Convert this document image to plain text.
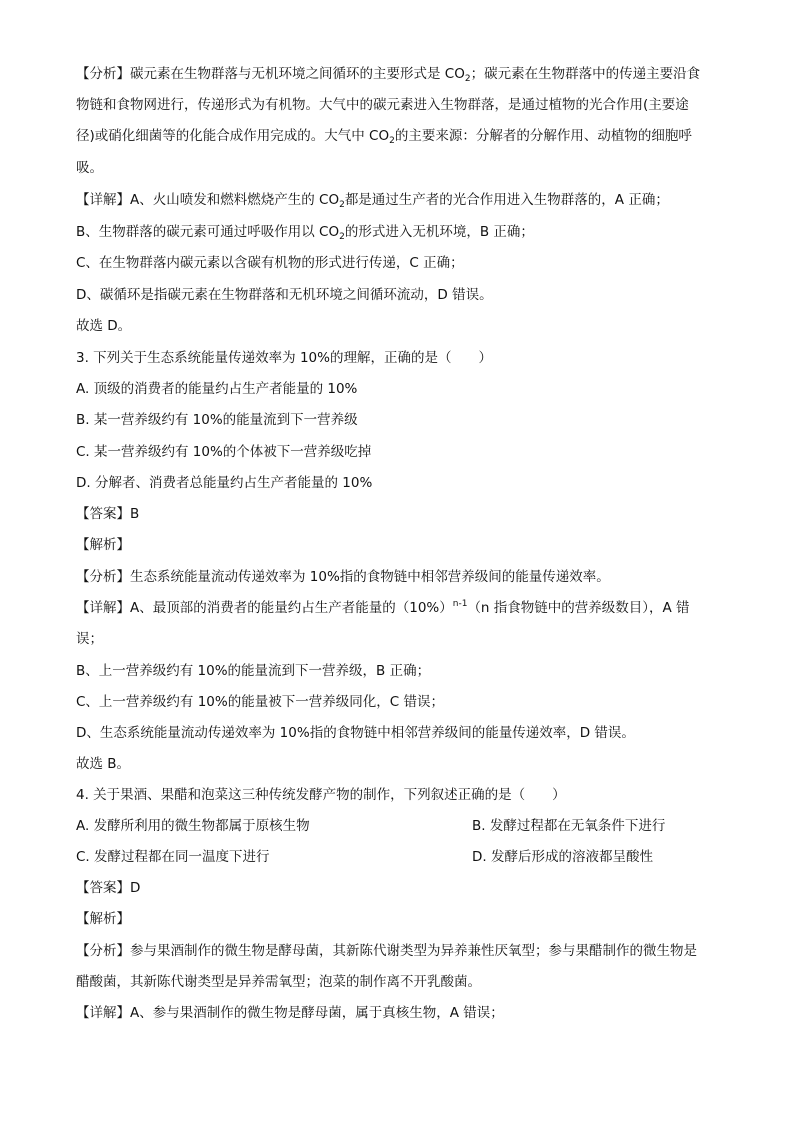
【分析】碳元素在生物群落与无机环境之间循环的主要形式是 $CO_2$；碳元素在生物群落中的传递主要沿食
物链和食物网进行，传递形式为有机物。大气中的碳元素进入生物群落，是通过植物的光合作用(主要途
径)或硝化细菌等的化能合成作用完成的。大气中 $CO_2$的主要来源：分解者的分解作用、动植物的细胞呼
吸。
【详解】A、火山喷发和燃料燃烧产生的 $CO_2$都是通过生产者的光合作用进入生物群落的，A 正确；
B、生物群落的碳元素可通过呼吸作用以 $CO_2$的形式进入无机环境，B 正确；
C、在生物群落内碳元素以含碳有机物的形式进行传递，C 正确；
D、碳循环是指碳元素在生物群落和无机环境之间循环流动，D 错误。
故选 D。
3. 下列关于生态系统能量传递效率为 10%的理解，正确的是（　　）
A. 顶级的消费者的能量约占生产者能量的 10%
B. 某一营养级约有 10%的能量流到下一营养级
C. 某一营养级约有 10%的个体被下一营养级吃掉
D. 分解者、消费者总能量约占生产者能量的 10%
【答案】B
【解析】
【分析】生态系统能量流动传递效率为 10%指的食物链中相邻营养级间的能量传递效率。
【详解】A、最顶部的消费者的能量约占生产者能量的$(10\%)^{n-1}(n$ 指食物链中的营养级数目），A 错
误；
B、上一营养级约有 10%的能量流到下一营养级，B 正确；
C、上一营养级约有 10%的能量被下一营养级同化，C 错误；
D、生态系统能量流动传递效率为 10%指的食物链中相邻营养级间的能量传递效率，D 错误。
故选 B。
4. 关于果酒、果醋和泡菜这三种传统发酵产物的制作，下列叙述正确的是（　　）
A. 发酵所利用的微生物都属于原核生物	B. 发酵过程都在无氧条件下进行
C. 发酵过程都在同一温度下进行	D. 发酵后形成的溶液都呈酸性
【答案】D
【解析】
【分析】参与果酒制作的微生物是酵母菌，其新陈代谢类型为异养兼性厌氧型；参与果醋制作的微生物是
醋酸菌，其新陈代谢类型是异养需氧型；泡菜的制作离不开乳酸菌。
【详解】A、参与果酒制作的微生物是酵母菌，属于真核生物，A 错误；
